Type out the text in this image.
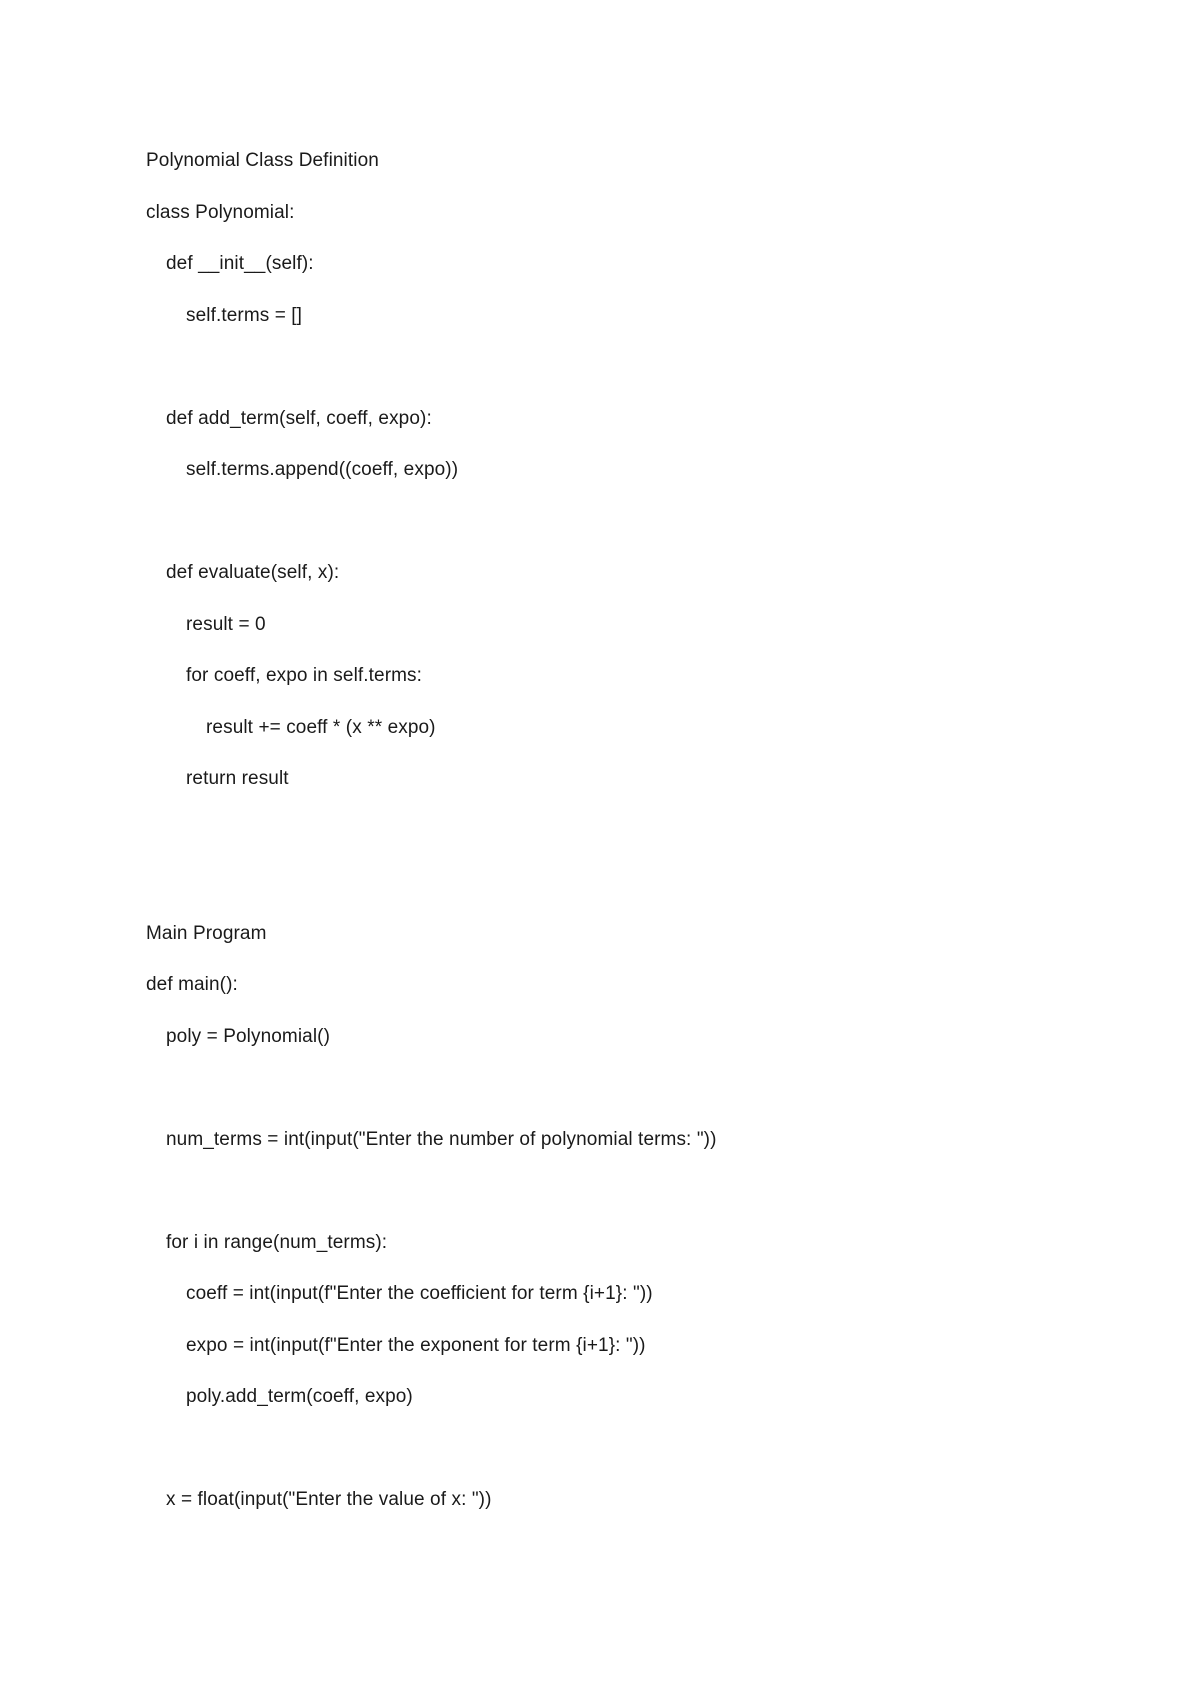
Polynomial Class Definition
class Polynomial:
def __init__(self):
self.terms = []
def add_term(self, coeff, expo):
self.terms.append((coeff, expo))
def evaluate(self, x):
result = 0
for coeff, expo in self.terms:
result += coeff * (x ** expo)
return result
Main Program
def main():
poly = Polynomial()
num_terms = int(input("Enter the number of polynomial terms: "))
for i in range(num_terms):
coeff = int(input(f"Enter the coefficient for term {i+1}: "))
expo = int(input(f"Enter the exponent for term {i+1}: "))
poly.add_term(coeff, expo)
x = float(input("Enter the value of x: "))
